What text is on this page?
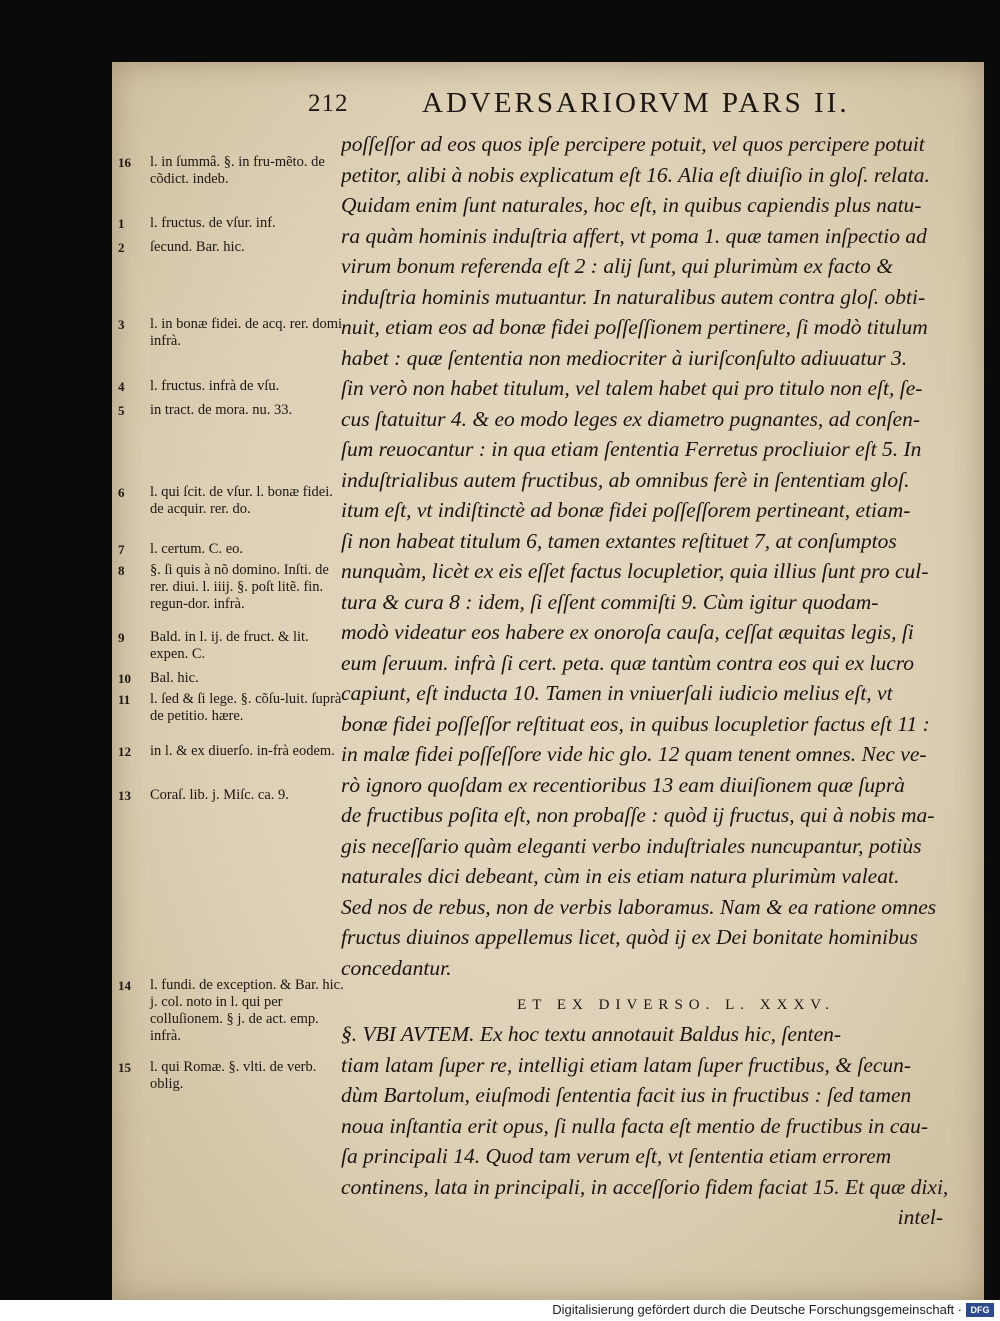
212	ADVERSARIORVM PARS II.
poſſeſſor ad eos quos ipſe percipere potuit, vel quos percipere potuit
petitor, alibi à nobis explicatum eſt 16. Alia eſt diuiſio in gloſ. relata.
Quidam enim ſunt naturales, hoc eſt, in quibus capiendis plus natu-
ra quàm hominis induſtria affert, vt poma 1. quæ tamen inſpectio ad
virum bonum referenda eſt 2 : alij ſunt, qui plurimùm ex facto &
induſtria hominis mutuantur. In naturalibus autem contra gloſ. obti-
nuit, etiam eos ad bonæ fidei poſſeſſionem pertinere, ſi modò titulum
habet : quæ ſententia non mediocriter à iuriſconſulto adiuuatur 3.
ſin verò non habet titulum, vel talem habet qui pro titulo non eſt, ſe-
cus ſtatuitur 4. & eo modo leges ex diametro pugnantes, ad conſen-
ſum reuocantur : in qua etiam ſententia Ferretus procliuior eſt 5. In
induſtrialibus autem fructibus, ab omnibus ferè in ſententiam gloſ.
itum eſt, vt indiſtinctè ad bonæ fidei poſſeſſorem pertineant, etiam-
ſi non habeat titulum 6, tamen extantes reſtituet 7, at conſumptos
nunquàm, licèt ex eis eſſet factus locupletior, quia illius ſunt pro cul-
tura & cura 8 : idem, ſi eſſent commiſti 9. Cùm igitur quodam-
modò videatur eos habere ex onoroſa cauſa, ceſſat æquitas legis, ſi
eum ſeruum. infrà ſi cert. peta. quæ tantùm contra eos qui ex lucro
capiunt, eſt inducta 10. Tamen in vniuerſali iudicio melius eſt, vt
bonæ fidei poſſeſſor reſtituat eos, in quibus locupletior factus eſt 11 :
in malæ fidei poſſeſſore vide hic glo. 12 quam tenent omnes. Nec ve-
rò ignoro quoſdam ex recentioribus 13 eam diuiſionem quæ ſuprà
de fructibus poſita eſt, non probaſſe : quòd ij fructus, qui à nobis ma-
gis neceſſario quàm eleganti verbo induſtriales nuncupantur, potiùs
naturales dici debeant, cùm in eis etiam natura plurimùm valeat.
Sed nos de rebus, non de verbis laboramus. Nam & ea ratione omnes
fructus diuinos appellemus licet, quòd ij ex Dei bonitate hominibus
concedantur.
ET EX DIVERSO. L. XXXV.
§. VBI AVTEM. Ex hoc textu annotauit Baldus hic, ſenten-
tiam latam ſuper re, intelligi etiam latam ſuper fructibus, & ſecun-
dùm Bartolum, eiuſmodi ſententia facit ius in fructibus : ſed tamen
noua inſtantia erit opus, ſi nulla facta eſt mentio de fructibus in cau-
ſa principali 14. Quod tam verum eſt, vt ſententia etiam errorem
continens, lata in principali, in acceſſorio fidem faciat 15. Et quæ dixi,
intel-
16	l. in ſummâ. §. in fru-mẽto. de cõdict. indeb.
1	l. fructus. de vſur. inf.
2	ſecund. Bar. hic.
3	l. in bonæ fidei. de acq. rer. domi. infrà.
4	l. fructus. infrà de vſu.
5	in tract. de mora. nu. 33.
6	l. qui ſcit. de vſur. l. bonæ fidei. de acquir. rer. do.
7	l. certum. C. eo.
8	§. ſi quis à nõ domino. Inſti. de rer. diui. l. iiij. §. poſt litẽ. fin. regun-dor. infrà.
9	Bald. in l. ij. de fruct. & lit. expen. C.
10	Bal. hic.
11	l. ſed & ſi lege. §. cõſu-luit. ſuprà de petitio. hære.
12	in l. & ex diuerſo. in-frà eodem.
13	Coraſ. lib. j. Miſc. ca. 9.
14	l. fundi. de exception. & Bar. hic. j. col. noto in l. qui per colluſionem. § j. de act. emp. infrà.
15	l. qui Romæ. §. vlti. de verb. oblig.
Digitalisierung gefördert durch die Deutsche Forschungsgemeinschaft · DFG
